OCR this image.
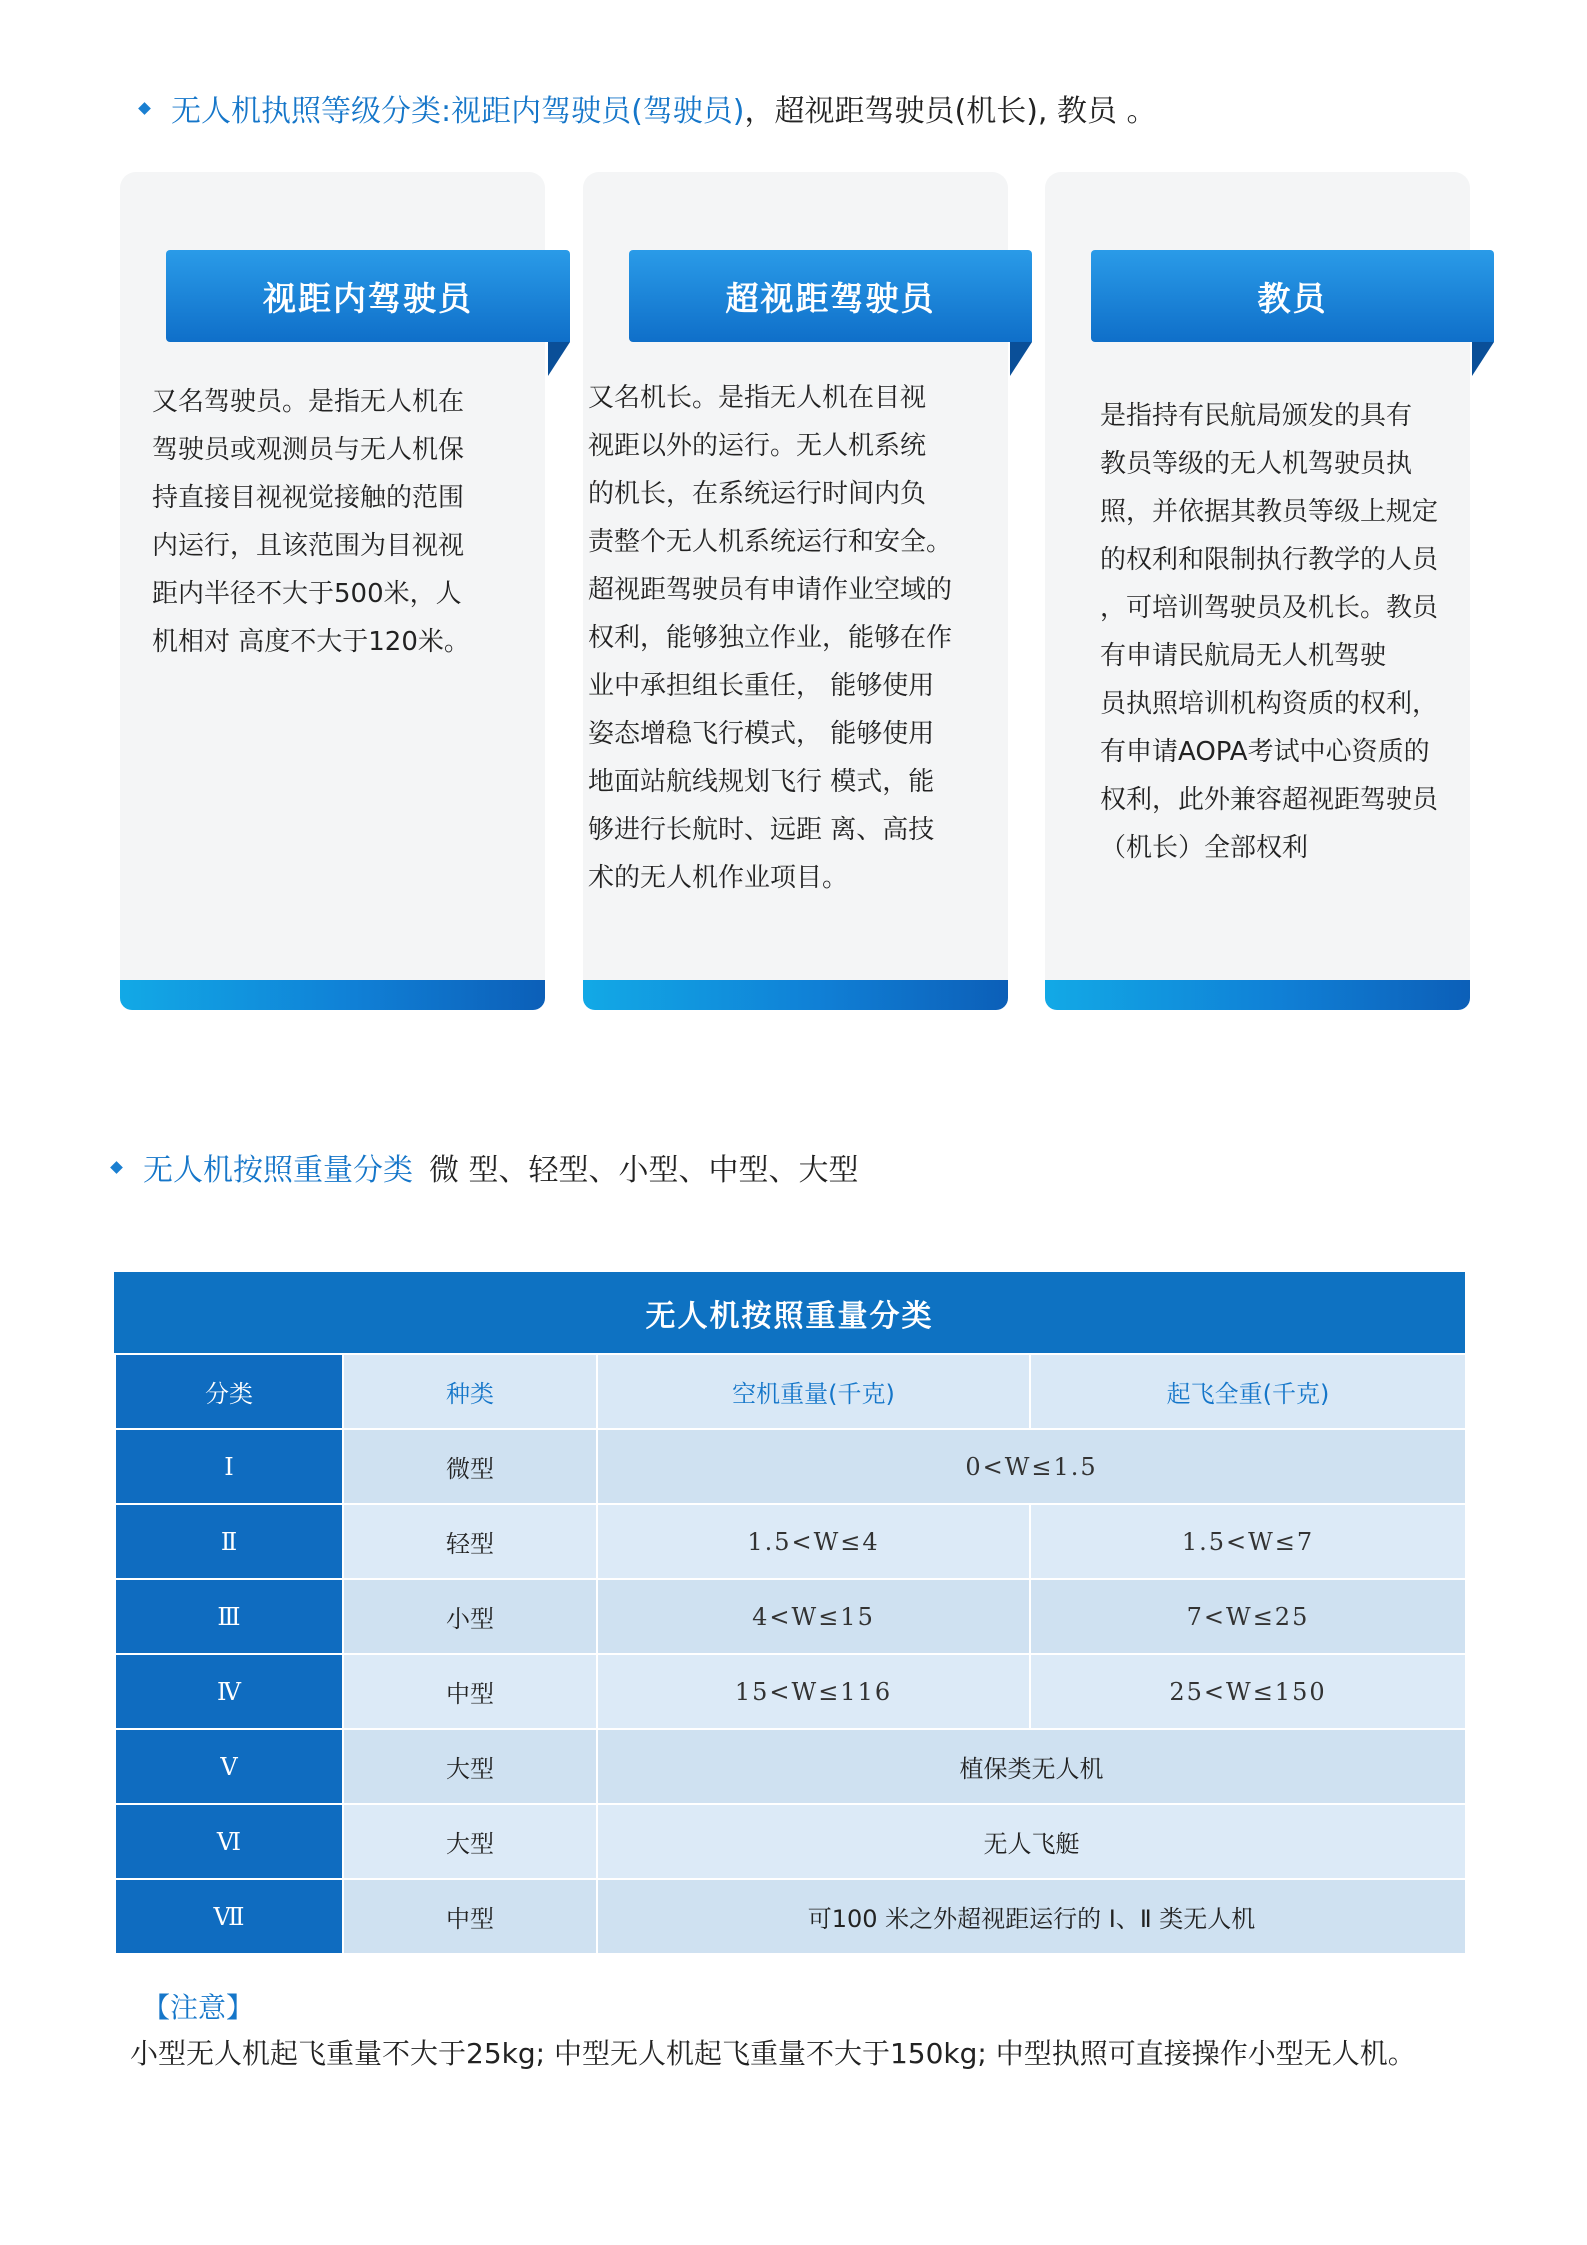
无人机执照等级分类:视距内驾驶员(驾驶员) ，超视距驾驶员(机长), 教员 。
视距内驾驶员
又名驾驶员。是指无人机在
驾驶员或观测员与无人机保
持直接目视视觉接触的范围
内运行，且该范围为目视视
距内半径不大于500米，人
机相对 高度不大于120米。
超视距驾驶员
又名机长。是指无人机在目视
视距以外的运行。无人机系统
的机长，在系统运行时间内负
责整个无人机系统运行和安全。
超视距驾驶员有申请作业空域的
权利，能够独立作业，能够在作
业中承担组长重任， 能够使用
姿态增稳飞行模式， 能够使用
地面站航线规划飞行 模式，能
够进行长航时、远距 离、高技
术的无人机作业项目。
教员
是指持有民航局颁发的具有
教员等级的无人机驾驶员执
照，并依据其教员等级上规定
的权利和限制执行教学的人员
，可培训驾驶员及机长。教员
有申请民航局无人机驾驶
员执照培训机构资质的权利，
有申请AOPA考试中心资质的
权利，此外兼容超视距驾驶员
（机长）全部权利
无人机按照重量分类 微 型、轻型、小型、中型、大型
无人机按照重量分类
分类	种类	空机重量(千克)	起飞全重(千克)
Ⅰ	微型	0<W≤1.5	
Ⅱ	轻型	1.5<W≤4	1.5<W≤7
Ⅲ	小型	4<W≤15	7<W≤25
Ⅳ	中型	15<W≤116	25<W≤150
Ⅴ	大型	植保类无人机	
Ⅵ	大型	无人飞艇	
Ⅶ	中型	可100 米之外超视距运行的 Ⅰ、Ⅱ 类无人机	
【注意】
小型无人机起飞重量不大于25kg; 中型无人机起飞重量不大于150kg; 中型执照可直接操作小型无人机。
